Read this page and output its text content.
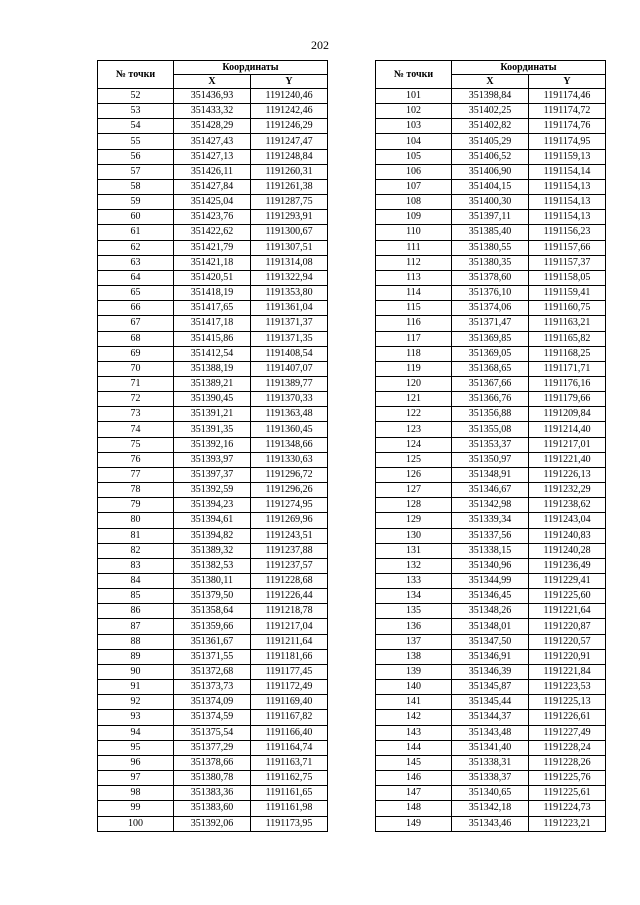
202
№ точки	Координаты	
	X	Y
52	351436,93	1191240,46
53	351433,32	1191242,46
54	351428,29	1191246,29
55	351427,43	1191247,47
56	351427,13	1191248,84
57	351426,11	1191260,31
58	351427,84	1191261,38
59	351425,04	1191287,75
60	351423,76	1191293,91
61	351422,62	1191300,67
62	351421,79	1191307,51
63	351421,18	1191314,08
64	351420,51	1191322,94
65	351418,19	1191353,80
66	351417,65	1191361,04
67	351417,18	1191371,37
68	351415,86	1191371,35
69	351412,54	1191408,54
70	351388,19	1191407,07
71	351389,21	1191389,77
72	351390,45	1191370,33
73	351391,21	1191363,48
74	351391,35	1191360,45
75	351392,16	1191348,66
76	351393,97	1191330,63
77	351397,37	1191296,72
78	351392,59	1191296,26
79	351394,23	1191274,95
80	351394,61	1191269,96
81	351394,82	1191243,51
82	351389,32	1191237,88
83	351382,53	1191237,57
84	351380,11	1191228,68
85	351379,50	1191226,44
86	351358,64	1191218,78
87	351359,66	1191217,04
88	351361,67	1191211,64
89	351371,55	1191181,66
90	351372,68	1191177,45
91	351373,73	1191172,49
92	351374,09	1191169,40
93	351374,59	1191167,82
94	351375,54	1191166,40
95	351377,29	1191164,74
96	351378,66	1191163,71
97	351380,78	1191162,75
98	351383,36	1191161,65
99	351383,60	1191161,98
100	351392,06	1191173,95
№ точки	Координаты	
	X	Y
101	351398,84	1191174,46
102	351402,25	1191174,72
103	351402,82	1191174,76
104	351405,29	1191174,95
105	351406,52	1191159,13
106	351406,90	1191154,14
107	351404,15	1191154,13
108	351400,30	1191154,13
109	351397,11	1191154,13
110	351385,40	1191156,23
111	351380,55	1191157,66
112	351380,35	1191157,37
113	351378,60	1191158,05
114	351376,10	1191159,41
115	351374,06	1191160,75
116	351371,47	1191163,21
117	351369,85	1191165,82
118	351369,05	1191168,25
119	351368,65	1191171,71
120	351367,66	1191176,16
121	351366,76	1191179,66
122	351356,88	1191209,84
123	351355,08	1191214,40
124	351353,37	1191217,01
125	351350,97	1191221,40
126	351348,91	1191226,13
127	351346,67	1191232,29
128	351342,98	1191238,62
129	351339,34	1191243,04
130	351337,56	1191240,83
131	351338,15	1191240,28
132	351340,96	1191236,49
133	351344,99	1191229,41
134	351346,45	1191225,60
135	351348,26	1191221,64
136	351348,01	1191220,87
137	351347,50	1191220,57
138	351346,91	1191220,91
139	351346,39	1191221,84
140	351345,87	1191223,53
141	351345,44	1191225,13
142	351344,37	1191226,61
143	351343,48	1191227,49
144	351341,40	1191228,24
145	351338,31	1191228,26
146	351338,37	1191225,76
147	351340,65	1191225,61
148	351342,18	1191224,73
149	351343,46	1191223,21
